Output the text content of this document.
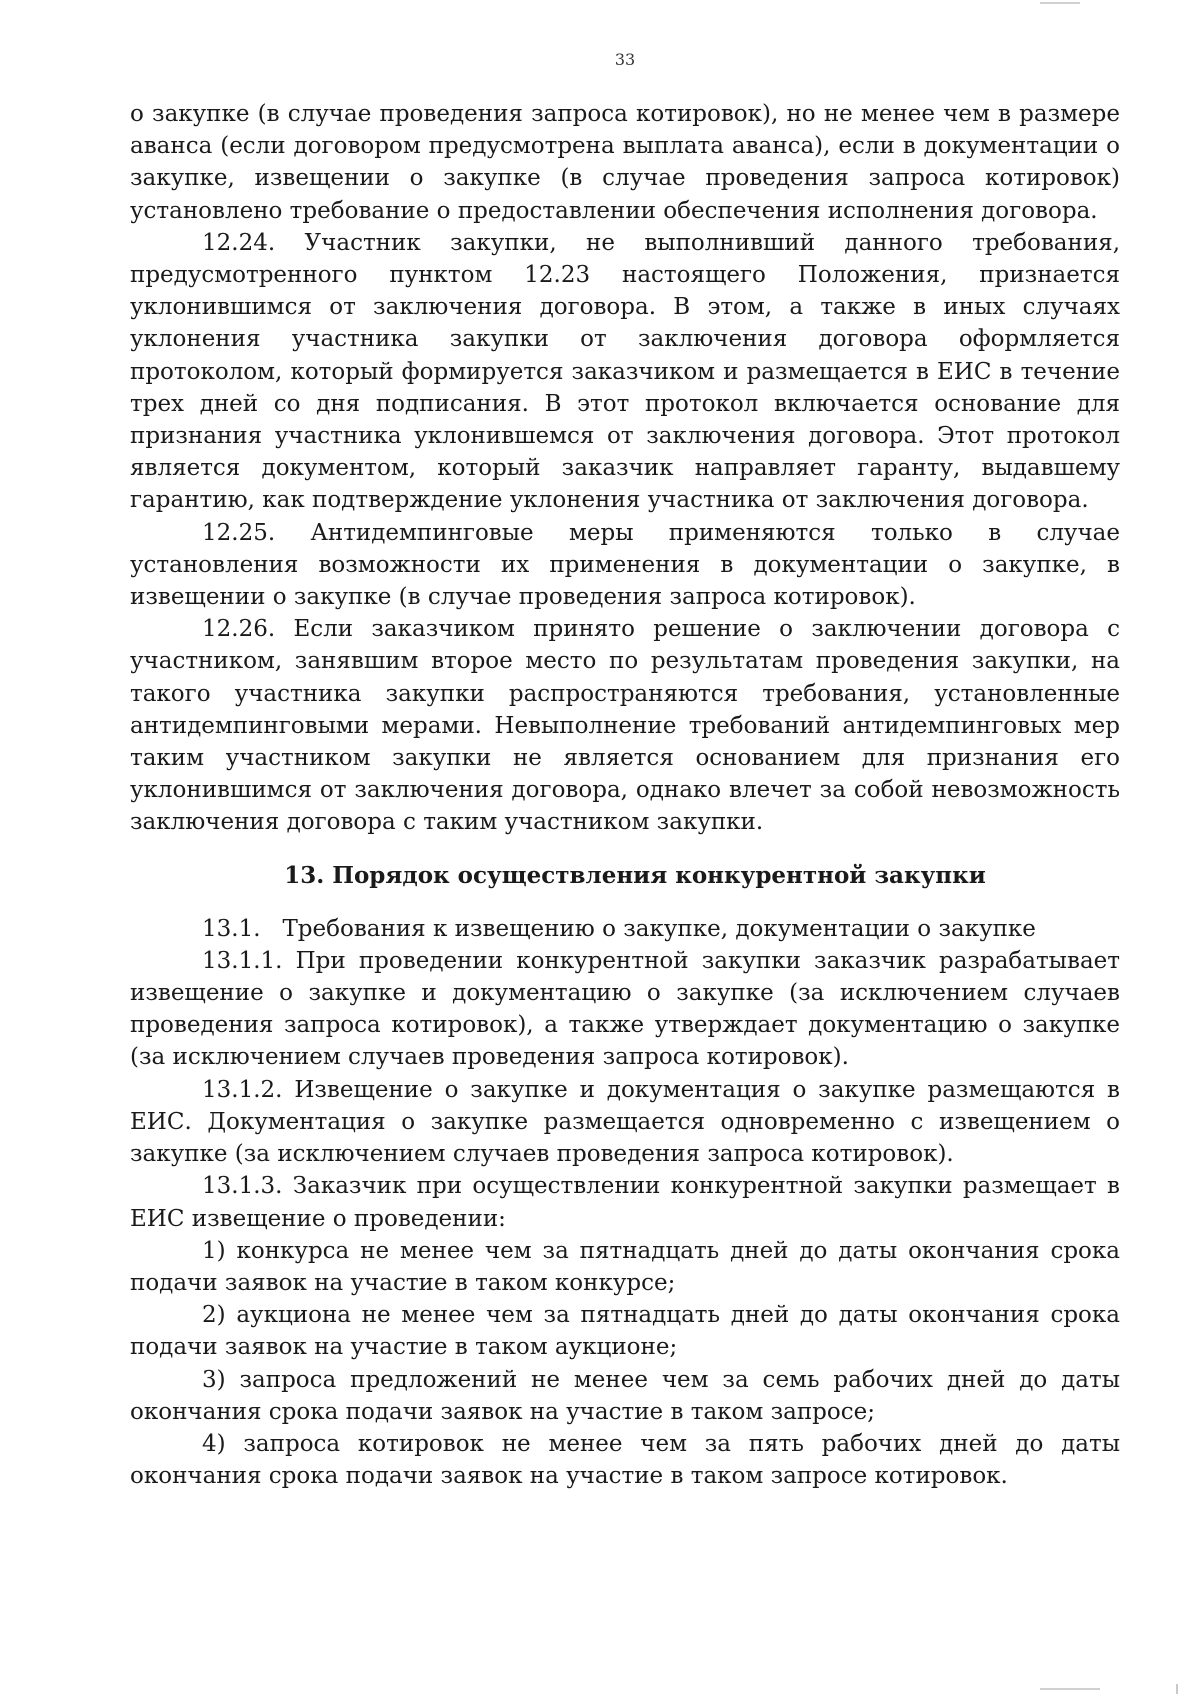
33

о закупке (в случае проведения запроса котировок), но не менее чем в размере аванса (если договором предусмотрена выплата аванса), если в документации о закупке, извещении о закупке (в случае проведения запроса котировок) установлено требование о предоставлении обеспечения исполнения договора.

12.24. Участник закупки, не выполнивший данного требования, предусмотренного пунктом 12.23 настоящего Положения, признается уклонившимся от заключения договора. В этом, а также в иных случаях уклонения участника закупки от заключения договора оформляется протоколом, который формируется заказчиком и размещается в ЕИС в течение трех дней со дня подписания. В этот протокол включается основание для признания участника уклонившемся от заключения договора. Этот протокол является документом, который заказчик направляет гаранту, выдавшему гарантию, как подтверждение уклонения участника от заключения договора.

12.25. Антидемпинговые меры применяются только в случае установления возможности их применения в документации о закупке, в извещении о закупке (в случае проведения запроса котировок).

12.26. Если заказчиком принято решение о заключении договора с участником, занявшим второе место по результатам проведения закупки, на такого участника закупки распространяются требования, установленные антидемпинговыми мерами. Невыполнение требований антидемпинговых мер таким участником закупки не является основанием для признания его уклонившимся от заключения договора, однако влечет за собой невозможность заключения договора с таким участником закупки.

13. Порядок осуществления конкурентной закупки

13.1.   Требования к извещению о закупке, документации о закупке

13.1.1. При проведении конкурентной закупки заказчик разрабатывает извещение о закупке и документацию о закупке (за исключением случаев проведения запроса котировок), а также утверждает документацию о закупке (за исключением случаев проведения запроса котировок).

13.1.2. Извещение о закупке и документация о закупке размещаются в ЕИС. Документация о закупке размещается одновременно с извещением о закупке (за исключением случаев проведения запроса котировок).

13.1.3. Заказчик при осуществлении конкурентной закупки размещает в ЕИС извещение о проведении:

1) конкурса не менее чем за пятнадцать дней до даты окончания срока подачи заявок на участие в таком конкурсе;

2) аукциона не менее чем за пятнадцать дней до даты окончания срока подачи заявок на участие в таком аукционе;

3) запроса предложений не менее чем за семь рабочих дней до даты окончания срока подачи заявок на участие в таком запросе;

4) запроса котировок не менее чем за пять рабочих дней до даты окончания срока подачи заявок на участие в таком запросе котировок.
